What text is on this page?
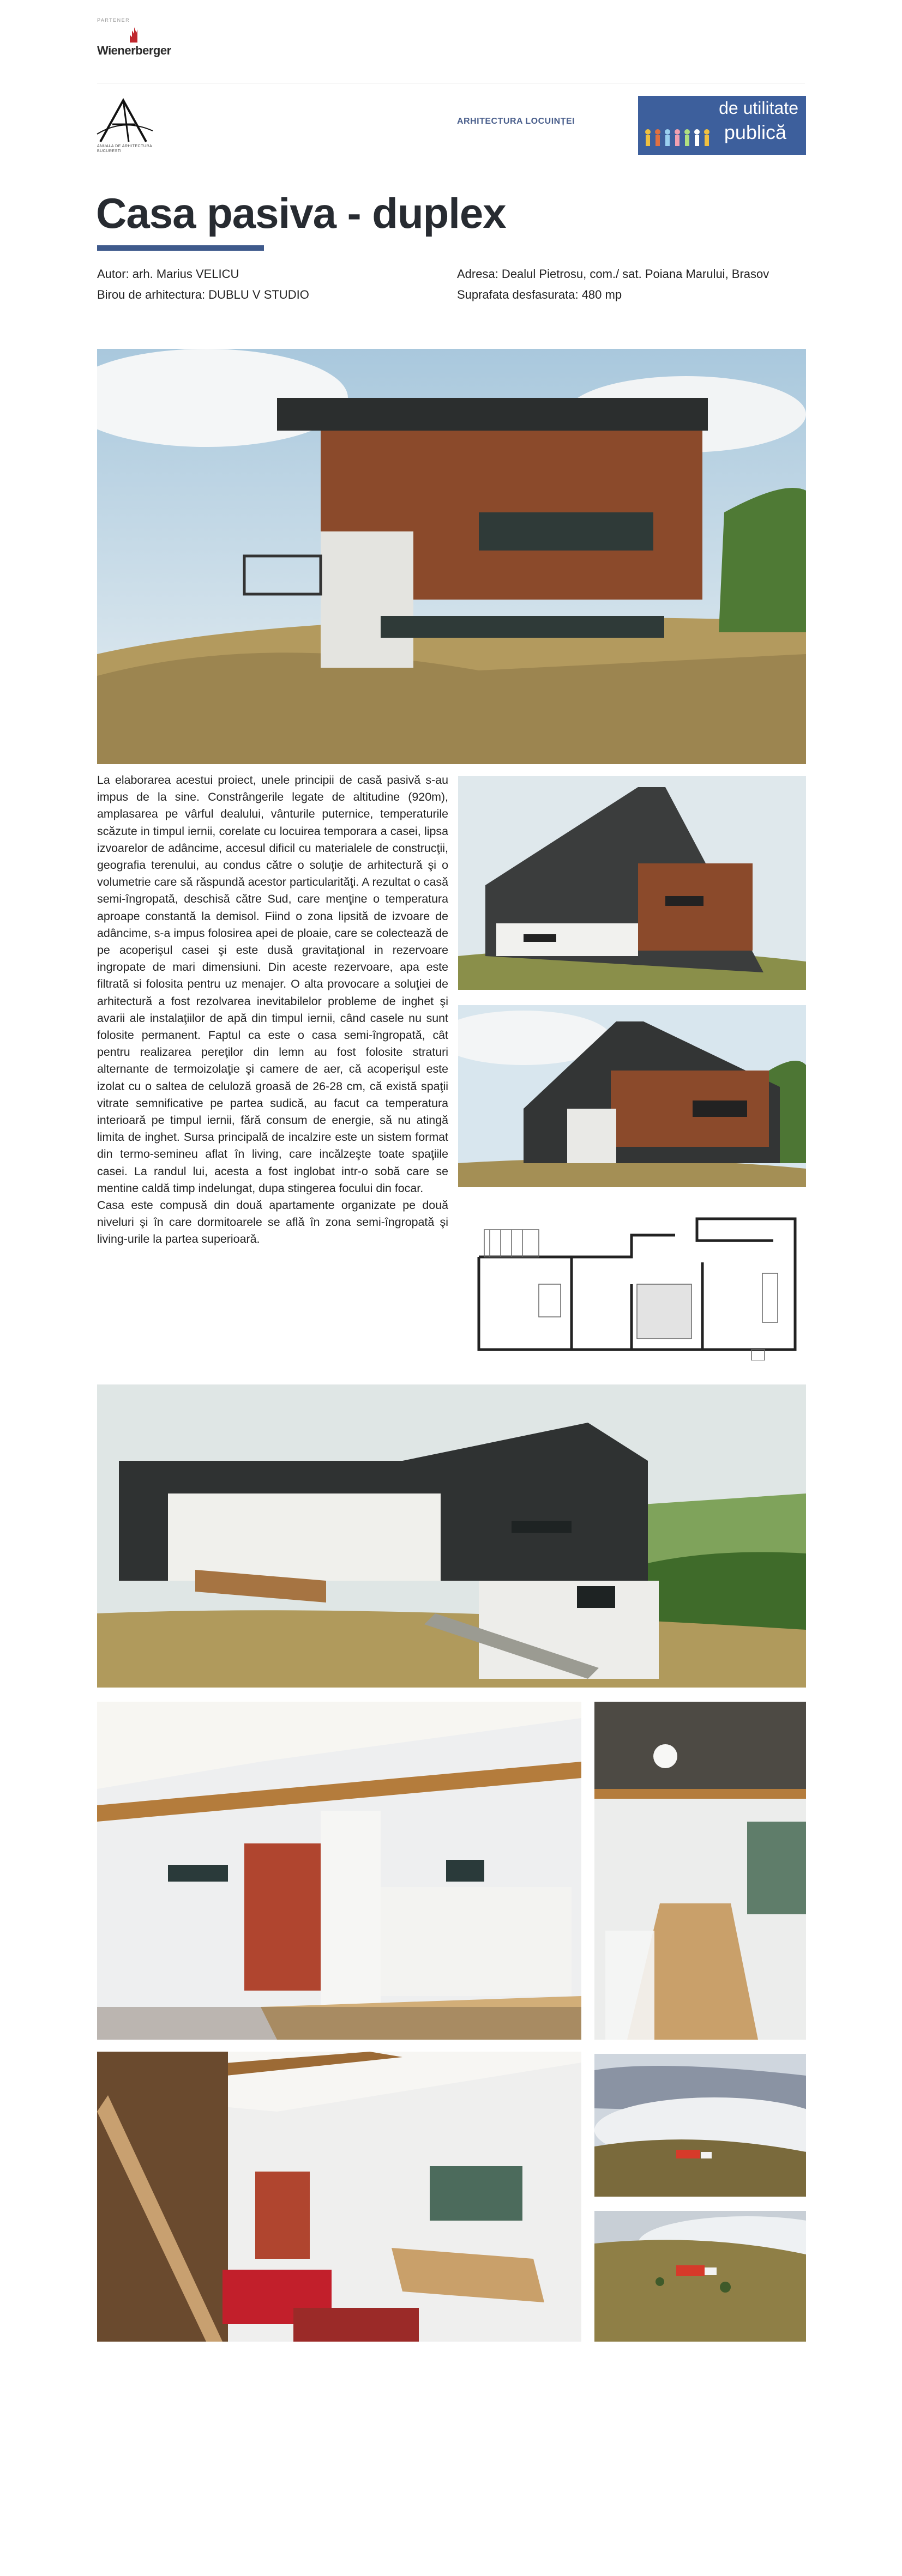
PARTENER
Wienerberger
ANUALA DE ARHITECTURA BUCURESTI
ARHITECTURA LOCUINȚEI
de utilitate
publică
Casa pasiva - duplex
Autor: arh. Marius VELICU
Birou de arhitectura: DUBLU V STUDIO
Adresa: Dealul Pietrosu, com./ sat. Poiana Marului, Brasov
Suprafata desfasurata: 480 mp

La elaborarea acestui proiect, unele principii de casă pasivă s-au impus de la sine. Constrângerile legate de altitudine (920m), amplasarea pe vârful dealului, vânturile puternice, temperaturile scăzute in timpul iernii, corelate cu locuirea temporara a casei, lipsa izvoarelor de adâncime, accesul dificil cu materialele de construcţii, geografia terenului, au condus către o soluţie de arhitectură şi o volumetrie care să răspundă acestor particularităţi. A rezultat o casă semi-îngropată, deschisă către Sud, care menţine o temperatura aproape constantă la demisol. Fiind o zona lipsită de izvoare de adâncime, s-a impus folosirea apei de ploaie, care se colectează de pe acoperişul casei şi este dusă gravitaţional in rezervoare ingropate de mari dimensiuni. Din aceste rezervoare, apa este filtrată si folosita pentru uz menajer. O alta provocare a soluţiei de arhitectură a fost rezolvarea inevitabilelor probleme de inghet şi avarii ale instalaţiilor de apă din timpul iernii, când casele nu sunt folosite permanent. Faptul ca este o casa semi-îngropată, cât pentru realizarea pereţilor din lemn au fost folosite straturi alternante de termoizolaţie şi camere de aer, că acoperişul este izolat cu o saltea de celuloză groasă de 26-28 cm, că există spaţii vitrate semnificative pe partea sudică, au facut ca temperatura interioară pe timpul iernii, fără consum de energie, să nu atingă limita de inghet. Sursa principală de incalzire este un sistem format din termo-semineu aflat în living, care incălzeşte toate spaţiile casei. La randul lui, acesta a fost inglobat intr-o sobă care se mentine caldă timp indelungat, dupa stingerea focului din focar.

Casa este compusă din două apartamente organizate pe două niveluri şi în care dormitoarele se află în zona semi-îngropată şi living-urile la partea superioară.
